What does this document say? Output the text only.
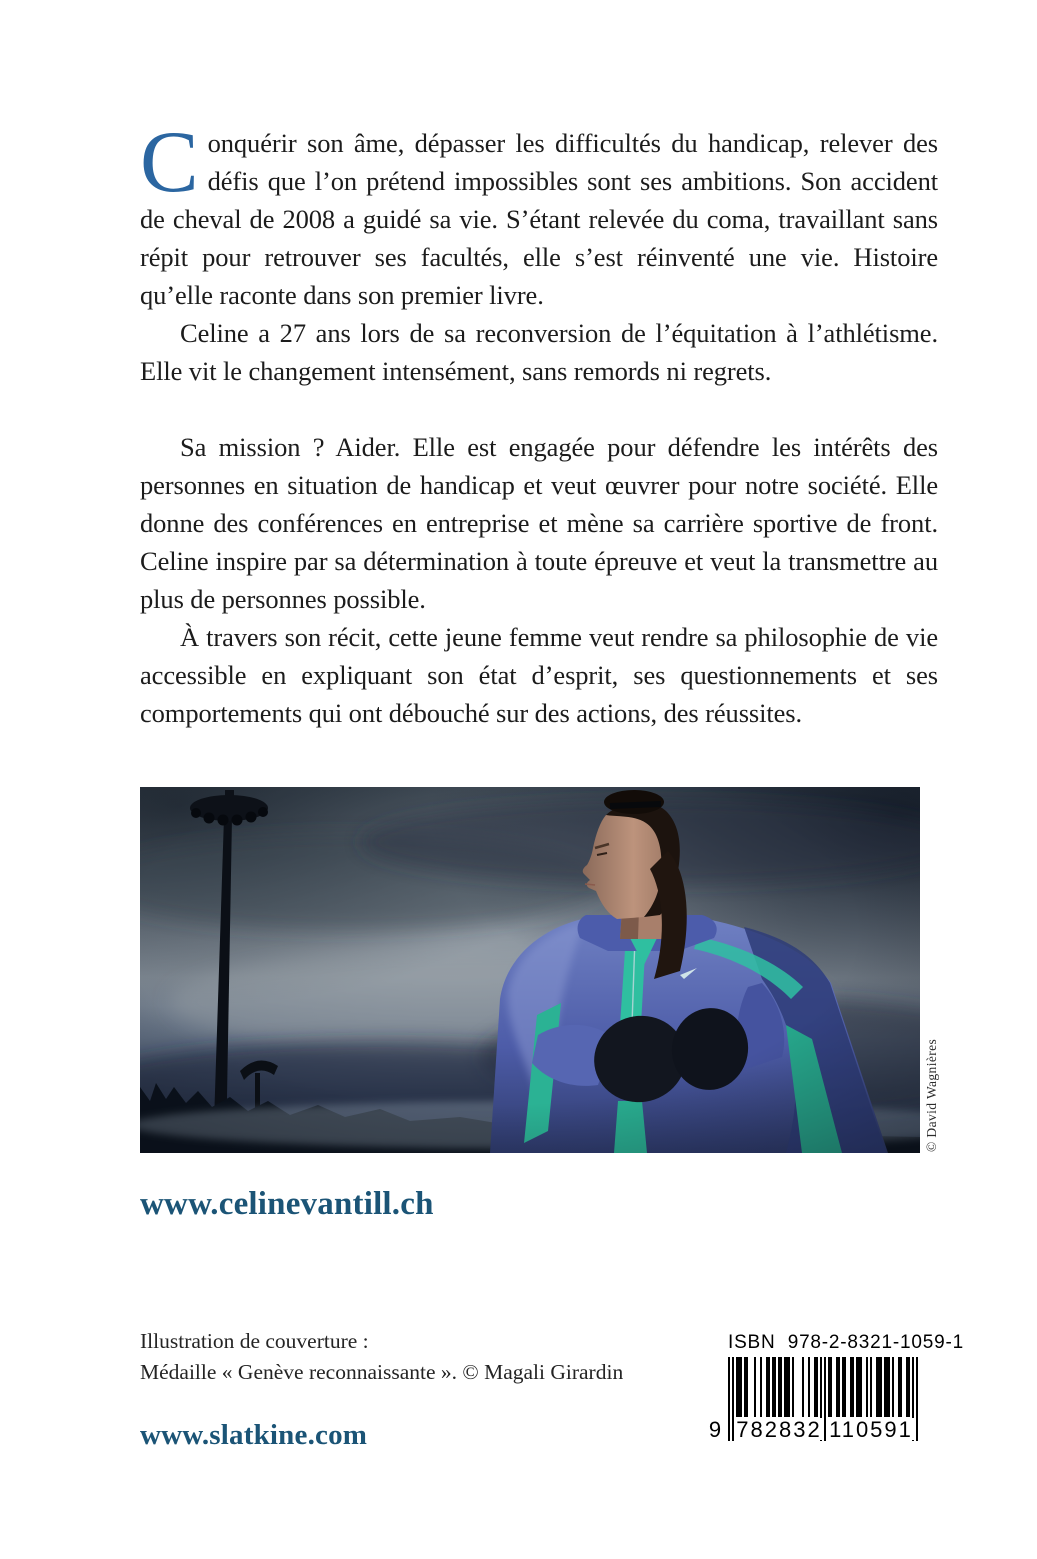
Conquérir son âme, dépasser les difficultés du handicap, relever des défis que l’on prétend impossibles sont ses ambitions. Son accident de cheval de 2008 a guidé sa vie. S’étant relevée du coma, travaillant sans répit pour retrouver ses facultés, elle s’est réinventé une vie. Histoire qu’elle raconte dans son premier livre.

Celine a 27 ans lors de sa reconversion de l’équitation à l’athlétisme. Elle vit le changement intensément, sans remords ni regrets.

Sa mission ? Aider. Elle est engagée pour défendre les intérêts des personnes en situation de handicap et veut œuvrer pour notre société. Elle donne des conférences en entreprise et mène sa carrière sportive de front. Celine inspire par sa détermination à toute épreuve et veut la transmettre au plus de personnes possible.

À travers son récit, cette jeune femme veut rendre sa philosophie de vie accessible en expliquant son état d’esprit, ses questionnements et ses comportements qui ont débouché sur des actions, des réussites.

© David Wagnières
www.celinevantill.ch
Illustration de couverture :
Médaille « Genève reconnaissante ». © Magali Girardin
www.slatkine.com
ISBN  978-2-8321-1059-1
9 782832 110591
